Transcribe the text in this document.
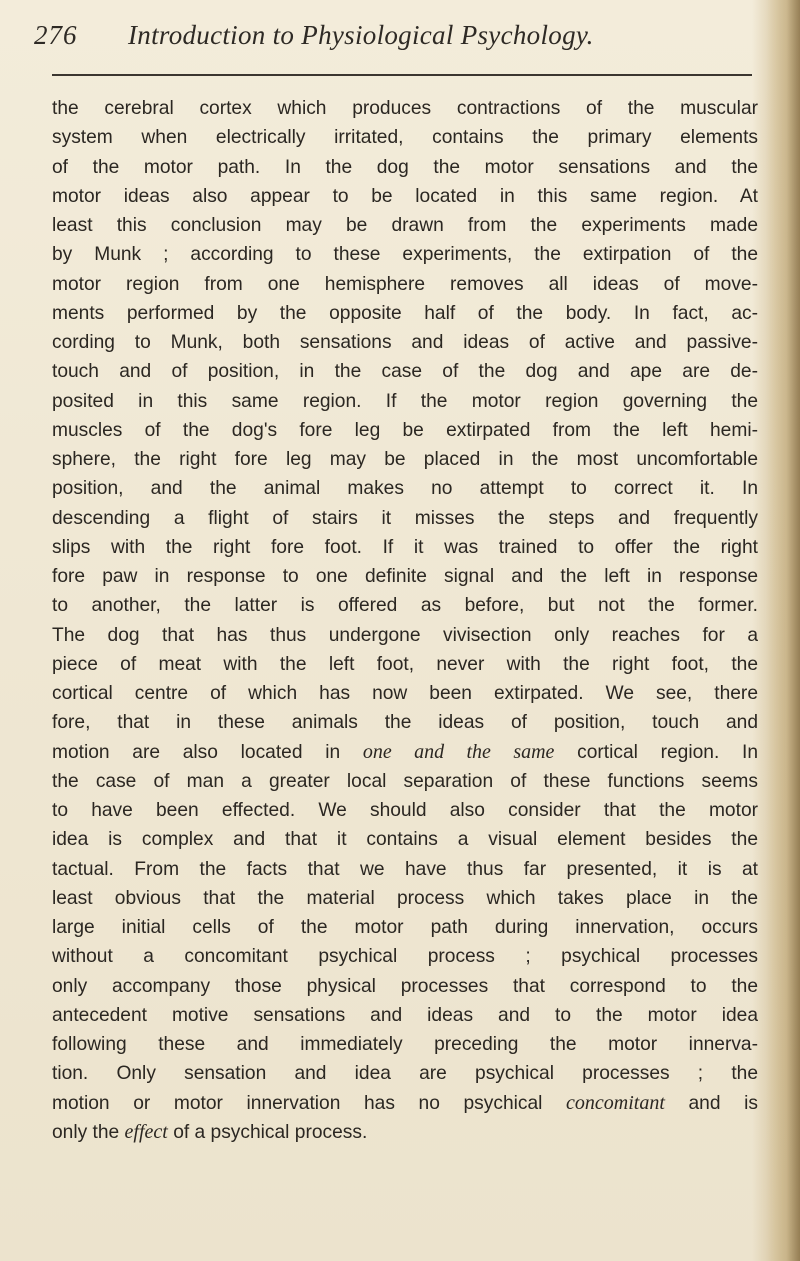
276 Introduction to Physiological Psychology.
the cerebral cortex which produces contractions of the muscular
system when electrically irritated, contains the primary elements
of the motor path. In the dog the motor sensations and the
motor ideas also appear to be located in this same region. At
least this conclusion may be drawn from the experiments made
by Munk ; according to these experiments, the extirpation of the
motor region from one hemisphere removes all ideas of move-
ments performed by the opposite half of the body. In fact, ac-
cording to Munk, both sensations and ideas of active and passive-
touch and of position, in the case of the dog and ape are de-
posited in this same region. If the motor region governing the
muscles of the dog's fore leg be extirpated from the left hemi-
sphere, the right fore leg may be placed in the most uncomfortable
position, and the animal makes no attempt to correct it. In
descending a flight of stairs it misses the steps and frequently
slips with the right fore foot. If it was trained to offer the right
fore paw in response to one definite signal and the left in response
to another, the latter is offered as before, but not the former.
The dog that has thus undergone vivisection only reaches for a
piece of meat with the left foot, never with the right foot, the
cortical centre of which has now been extirpated. We see, there
fore, that in these animals the ideas of position, touch and
motion are also located in one and the same cortical region. In
the case of man a greater local separation of these functions seems
to have been effected. We should also consider that the motor
idea is complex and that it contains a visual element besides the
tactual. From the facts that we have thus far presented, it is at
least obvious that the material process which takes place in the
large initial cells of the motor path during innervation, occurs
without a concomitant psychical process ; psychical processes
only accompany those physical processes that correspond to the
antecedent motive sensations and ideas and to the motor idea
following these and immediately preceding the motor innerva-
tion. Only sensation and idea are psychical processes ; the
motion or motor innervation has no psychical concomitant and is
only the effect of a psychical process.
